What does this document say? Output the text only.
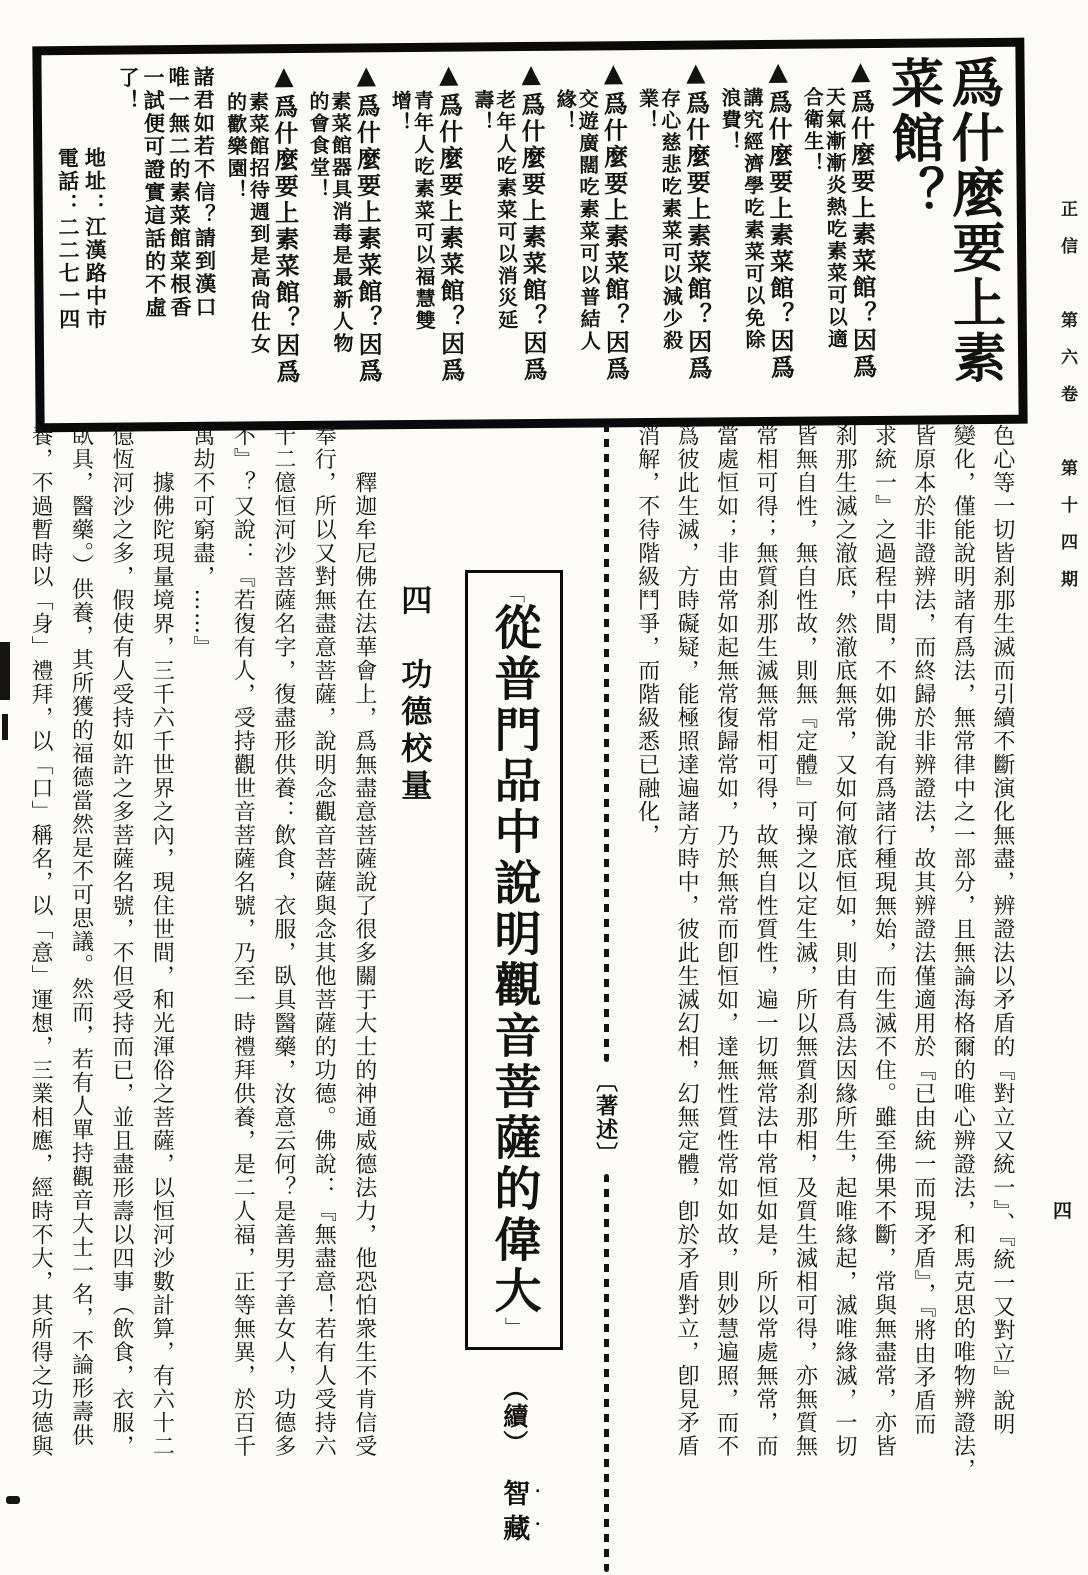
爲什麼要上素菜館？
▲爲什麼要上素菜館？因爲
天氣漸漸炎熱吃素菜可以適合衛生！
▲爲什麼要上素菜館？因爲
講究經濟學吃素菜可以免除浪費！
▲爲什麼要上素菜館？因爲
存心慈悲吃素菜可以減少殺業！
▲爲什麼要上素菜館？因爲
交遊廣闊吃素菜可以普結人緣！
▲爲什麼要上素菜館？因爲
老年人吃素菜可以消災延壽！
▲爲什麼要上素菜館？因爲
青年人吃素菜可以福慧雙增！
▲爲什麼要上素菜館？因爲
素菜館器具消毒是最新人物的會食堂！
▲爲什麼要上素菜館？因爲
素菜館招待週到是高尙仕女的歡樂園！
諸君如若不信？請到漢口唯一無二的素菜館菜根香一試便可證實這話的不虛了！
地址：江漢路中市
電話：二二七一四	正信　第六卷　第十四期
四
色心等一切皆刹那生滅而引續不斷演化無盡，辨證法以矛盾的『對立又統一』、『統一又對立』說明
變化，僅能說明諸有爲法，無常律中之一部分，且無論海格爾的唯心辨證法，和馬克思的唯物辨證法，
皆原本於非證辨法，而終歸於非辨證法，故其辨證法僅適用於『已由統一而現矛盾』，『將由矛盾而
求統一』之過程中間，不如佛說有爲諸行種現無始，而生滅不住。雖至佛果不斷，常與無盡常，亦皆
刹那生滅之澈底，然澈底無常，又如何澈底恒如，則由有爲法因緣所生，起唯緣起，滅唯緣滅，一切
皆無自性，無自性故，則無『定體』可操之以定生滅，所以無質刹那相，及質生滅相可得，亦無質無
常相可得；無質刹那生滅無常相可得，故無自性質性，遍一切無常法中常恒如是，所以常處無常，而
當處恒如；非由常如起無常復歸常如，乃於無常而卽恒如，達無性質性常如如故，則妙慧遍照，而不
爲彼此生滅，方時礙疑，能極照達遍諸方時中，彼此生滅幻相，幻無定體，卽於矛盾對立，卽見矛盾
消解，不待階級鬥爭，而階級悉已融化，
〔著述〕
「從普門品中說明觀音菩薩的偉大」
（續）
智藏 ・・
四　功德校量
　　釋迦牟尼佛在法華會上，爲無盡意菩薩說了很多關于大士的神通威德法力，他恐怕衆生不肯信受
奉行，所以又對無盡意菩薩，說明念觀音菩薩與念其他菩薩的功德。佛說：『無盡意！若有人受持六
十二億恒河沙菩薩名字，復盡形供養：飲食，衣服，臥具醫藥，汝意云何？是善男子善女人，功德多
不』？又說：『若復有人，受持觀世音菩薩名號，乃至一時禮拜供養，是二人福，正等無異，於百千
萬劫不可窮盡，……』
　　據佛陀現量境界，三千六千世界之內，現住世間，和光渾俗之菩薩，以恒河沙數計算，有六十二
億恆河沙之多，假使有人受持如許之多菩薩名號，不但受持而已，並且盡形壽以四事（飲食，衣服，
臥具，醫藥。）供養，其所獲的福德當然是不可思議。然而，若有人單持觀音大士一名，不論形壽供
養，不過暫時以「身」禮拜，以「口」稱名，以「意」運想，三業相應，經時不大，其所得之功德與
